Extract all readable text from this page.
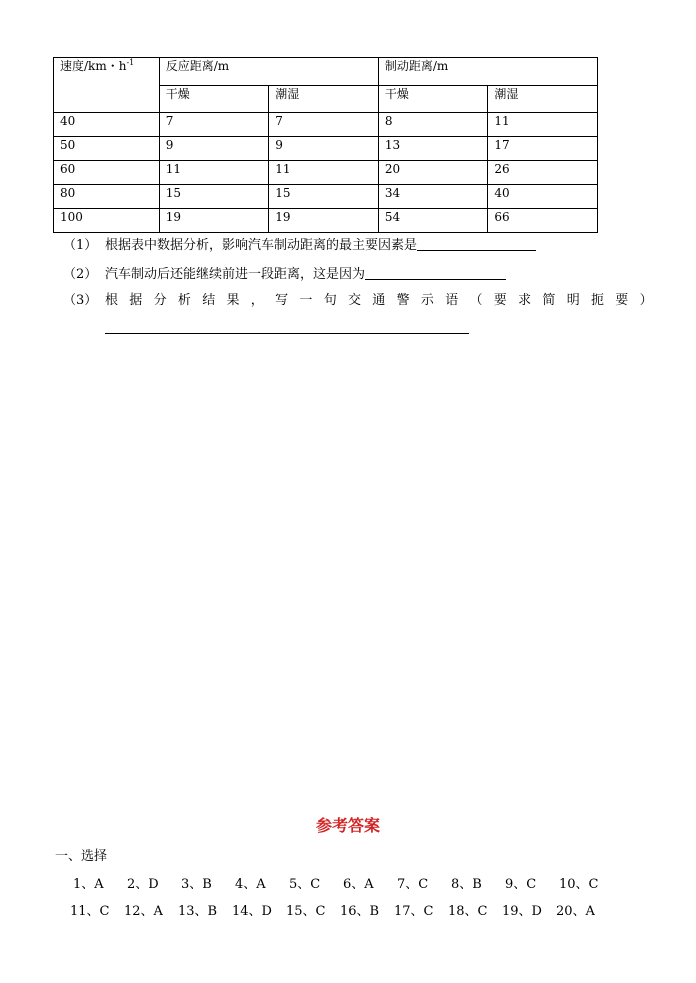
速度/km・$h^{-1}$	反应距离/m		制动距离/m	
	干燥	潮湿	干燥	潮湿
40	7	7	8	11
50	9	9	13	17
60	11	11	20	26
80	15	15	34	40
100	19	19	54	66
（1） 根据表中数据分析，影响汽车制动距离的最主要因素是
（2） 汽车制动后还能继续前进一段距离，这是因为
（3） 根据分析结果，写一句交通警示语（要求简明扼要）
参考答案
一、选择
1、A 2、D 3、B 4、A 5、C 6、A 7、C 8、B 9、C 10、C
11、C 12、A 13、B 14、D 15、C 16、B 17、C 18、C 19、D 20、A
